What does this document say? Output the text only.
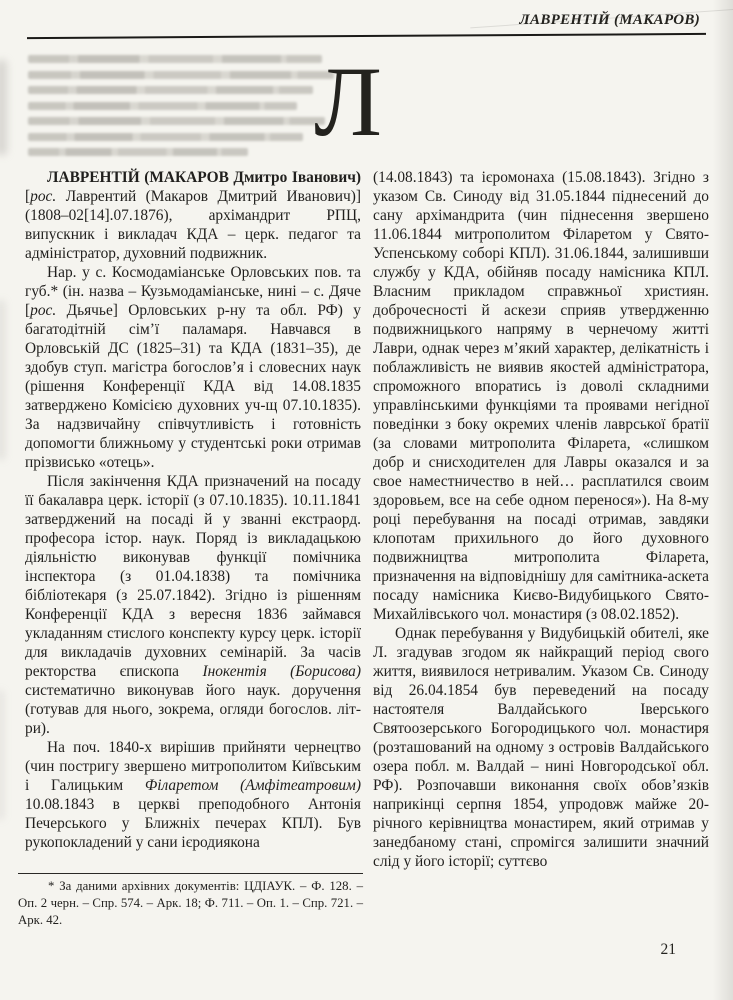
ЛАВРЕНТІЙ (МАКАРОВ)
Л

ЛАВРЕНТІЙ (МАКАРОВ Дмитро Іванович) [рос. Лаврентий (Макаров Дмитрий Иванович)] (1808–02[14].07.1876), архімандрит РПЦ, випускник і викладач КДА – церк. педагог та адміністратор, духовний подвижник.

Нар. у с. Космодаміанське Орловських пов. та губ.* (ін. назва – Кузьмодаміанське, нині – с. Дяче [рос. Дьячье] Орловських р-ну та обл. РФ) у багатодітній сім’ї паламаря. Навчався в Орловській ДС (1825–31) та КДА (1831–35), де здобув ступ. магістра богослов’я і словесних наук (рішення Конференції КДА від 14.08.1835 затверджено Комісією духовних уч-щ 07.10.1835). За надзвичайну співчутливість і готовність допомогти ближньому у студентські роки отримав прізвисько «отець».

Після закінчення КДА призначений на посаду її бакалавра церк. історії (з 07.10.1835). 10.11.1841 затверджений на посаді й у званні екстраорд. професора істор. наук. Поряд із викладацькою діяльністю виконував функції помічника інспектора (з 01.04.1838) та помічника бібліотекаря (з 25.07.1842). Згідно із рішенням Конференції КДА з вересня 1836 займався укладанням стислого конспекту курсу церк. історії для викладачів духовних семінарій. За часів ректорства єпископа Інокентія (Борисова) систематично виконував його наук. доручення (готував для нього, зокрема, огляди богослов. літ-ри).

На поч. 1840-х вирішив прийняти чернецтво (чин постригу звершено митрополитом Київським і Галицьким Філаретом (Амфітеатровим) 10.08.1843 в церкві преподобного Антонія Печерського у Ближніх печерах КПЛ). Був рукопокладений у сани ієродиякона

(14.08.1843) та ієромонаха (15.08.1843). Згідно з указом Св. Синоду від 31.05.1844 піднесений до сану архімандрита (чин піднесення звершено 11.06.1844 митрополитом Філаретом у Свято-Успенському соборі КПЛ). 31.06.1844, залишивши службу у КДА, обійняв посаду намісника КПЛ. Власним прикладом справжньої християн. доброчесності й аскези сприяв утвердженню подвижницького напряму в чернечому житті Лаври, однак через м’який характер, делікатність і поблажливість не виявив якостей адміністратора, спроможного впоратись із доволі складними управлінськими функціями та проявами негідної поведінки з боку окремих членів лаврської братії (за словами митрополита Філарета, «слишком добр и снисходителен для Лавры оказался и за свое наместничество в ней… расплатился своим здоровьем, все на себе одном перенося»). На 8-му році перебування на посаді отримав, завдяки клопотам прихильного до його духовного подвижництва митрополита Філарета, призначення на відповіднішу для самітника-аскета посаду намісника Києво-Видубицького Свято-Михайлівського чол. монастиря (з 08.02.1852).

Однак перебування у Видубицькій обителі, яке Л. згадував згодом як найкращий період свого життя, виявилося нетривалим. Указом Св. Синоду від 26.04.1854 був переведений на посаду настоятеля Валдайського Іверського Святоозерського Богородицького чол. монастиря (розташований на одному з островів Валдайського озера побл. м. Валдай – нині Новгородської обл. РФ). Розпочавши виконання своїх обов’язків наприкінці серпня 1854, упродовж майже 20-річного керівництва монастирем, який отримав у занедбаному стані, спромігся залишити значний слід у його історії; суттєво

* За даними архівних документів: ЦДІАУК. – Ф. 128. – Оп. 2 черн. – Спр. 574. – Арк. 18; Ф. 711. – Оп. 1. – Спр. 721. – Арк. 42.

21
